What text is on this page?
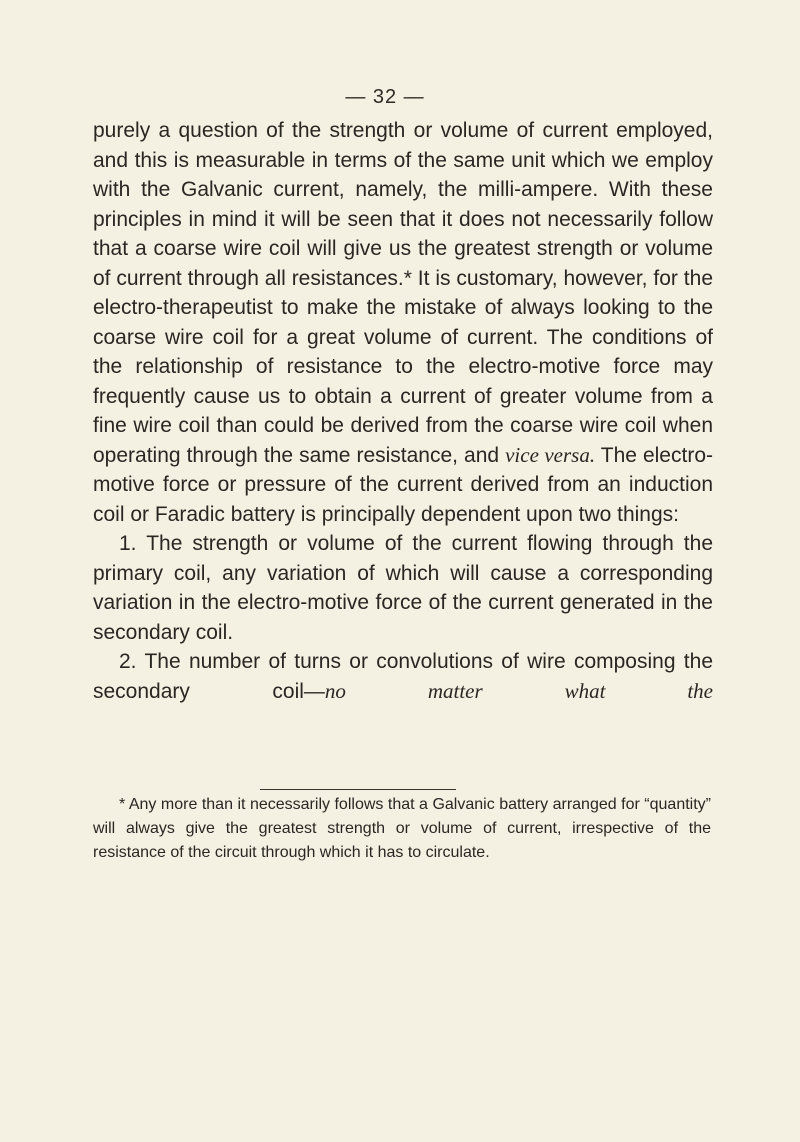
— 32 —

purely a question of the strength or volume of current employed, and this is measurable in terms of the same unit which we employ with the Galvanic current, namely, the milli-ampere. With these principles in mind it will be seen that it does not necessarily follow that a coarse wire coil will give us the greatest strength or volume of current through all resistances.* It is customary, however, for the electro-therapeutist to make the mistake of always looking to the coarse wire coil for a great volume of current. The conditions of the relationship of resistance to the electro-motive force may frequently cause us to obtain a current of greater volume from a fine wire coil than could be derived from the coarse wire coil when operating through the same resistance, and vice versa. The electro-motive force or pressure of the current derived from an induction coil or Faradic battery is principally dependent upon two things:

1. The strength or volume of the current flowing through the primary coil, any variation of which will cause a corresponding variation in the electro-motive force of the current generated in the secondary coil.

2. The number of turns or convolutions of wire composing the secondary coil—no matter what the

* Any more than it necessarily follows that a Galvanic battery arranged for “quantity” will always give the greatest strength or volume of current, irrespective of the resistance of the circuit through which it has to circulate.
